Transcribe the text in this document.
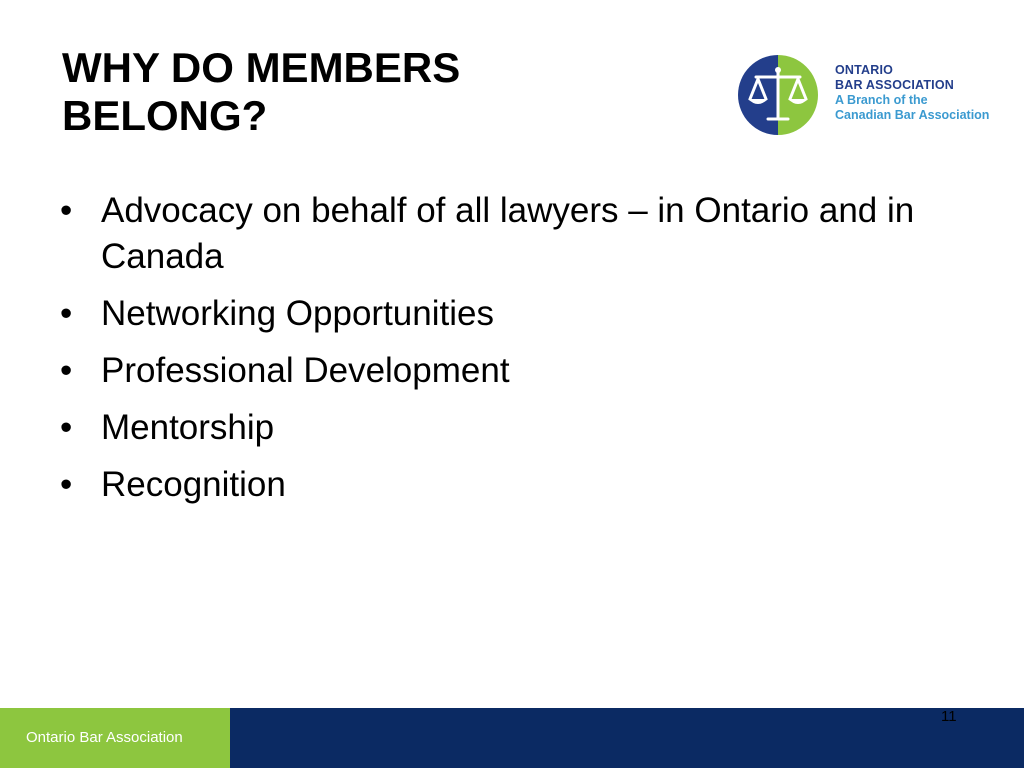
WHY DO MEMBERS
BELONG?
ONTARIO
BAR ASSOCIATION
A Branch of the
Canadian Bar Association
• Advocacy on behalf of all lawyers – in Ontario and in Canada
• Networking Opportunities
• Professional Development
• Mentorship
• Recognition
Ontario Bar Association
11
